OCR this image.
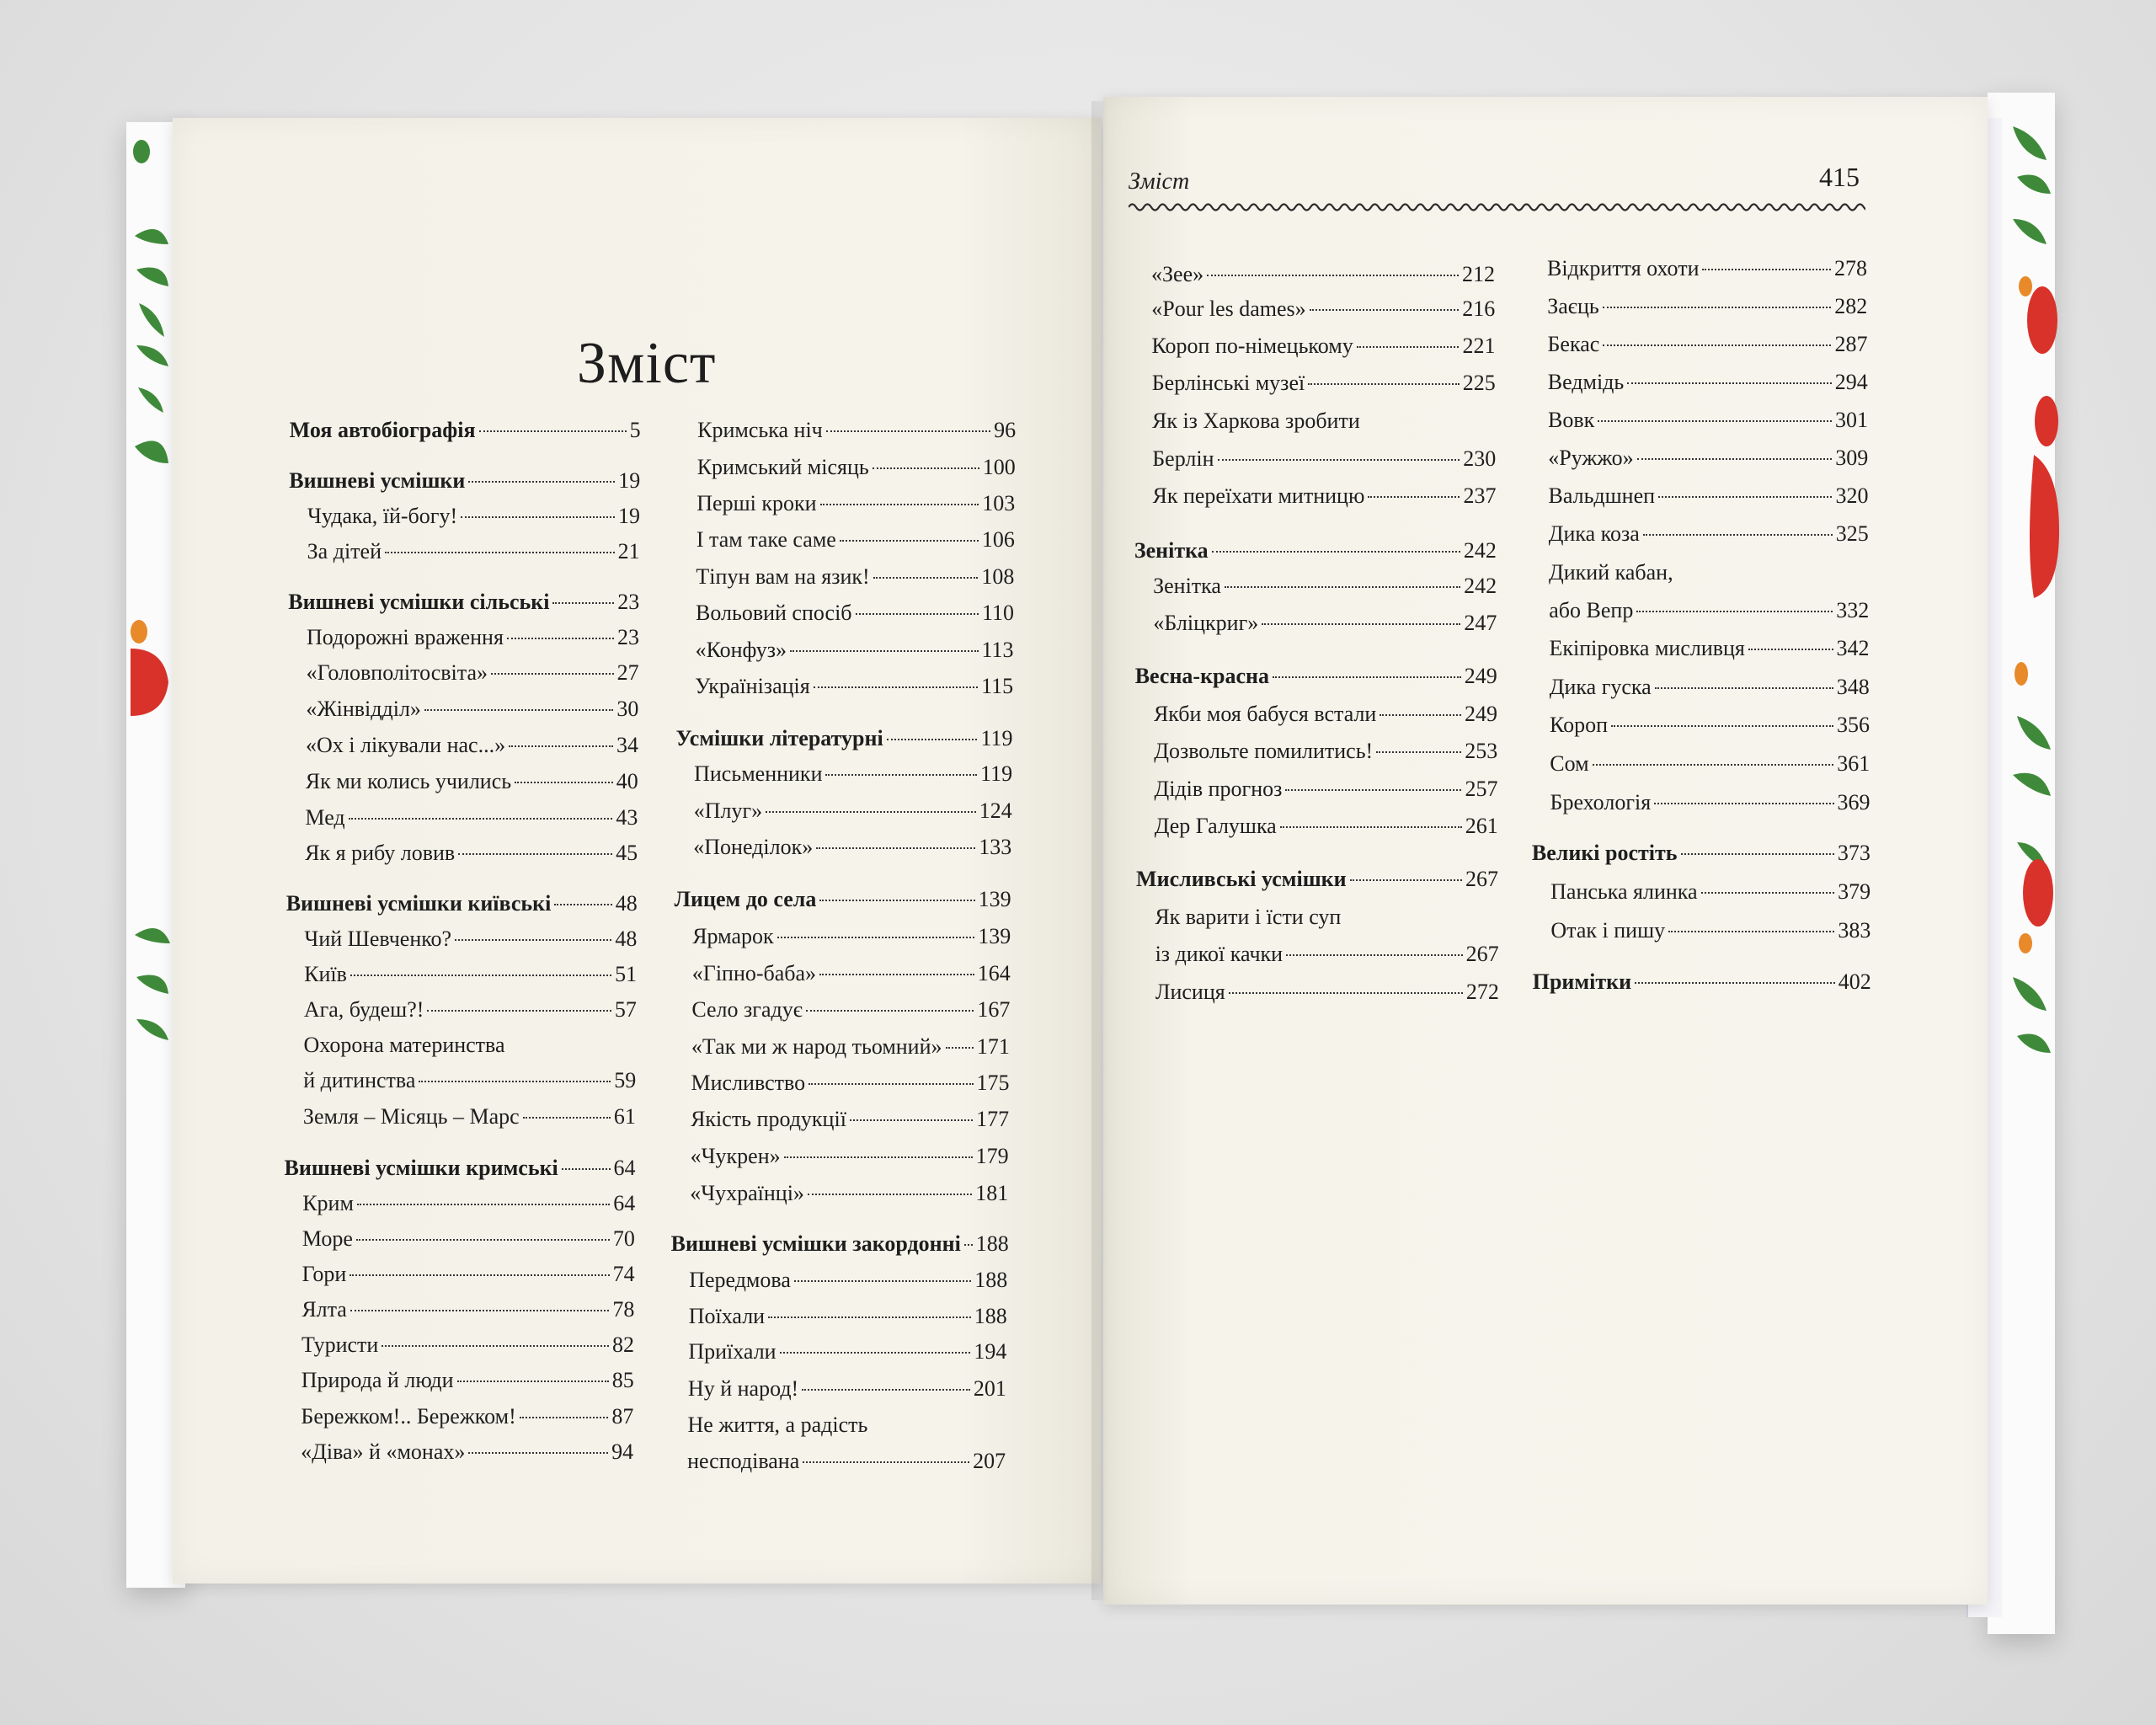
Зміст	415
Зміст
Моя автобіографія	5
Вишневі усмішки	19
Чудака, їй-богу!	19
За дітей	21
Вишневі усмішки сільські	23
Подорожні враження	23
«Головполітосвіта»	27
«Жінвідділ»	30
«Ох і лікували нас...»	34
Як ми колись учились	40
Мед	43
Як я рибу ловив	45
Вишневі усмішки київські	48
Чий Шевченко?	48
Київ	51
Ага, будеш?!	57
Охорона материнства
й дитинства	59
Земля – Місяць – Марс	61
Вишневі усмішки кримські	64
Крим	64
Море	70
Гори	74
Ялта	78
Туристи	82
Природа й люди	85
Бережком!.. Бережком!	87
«Діва» й «монах»	94
Кримська ніч	96
Кримський місяць	100
Перші кроки	103
І там таке саме	106
Тіпун вам на язик!	108
Вольовий спосіб	110
«Конфуз»	113
Українізація	115
Усмішки літературні	119
Письменники	119
«Плуг»	124
«Понеділок»	133
Лицем до села	139
Ярмарок	139
«Гіпно-баба»	164
Село згадує	167
«Так ми ж народ тьомний» 171
Мисливство	175
Якість продукції	177
«Чукрен»	179
«Чухраїнці»	181
Вишневі усмішки закордонні 188
Передмова	188
Поїхали	188
Приїхали	194
Ну й народ!	201
Не життя, а радість
несподівана	207
«Зее»	212
«Pour les dames»	216
Короп по-німецькому	221
Берлінські музеї	225
Як із Харкова зробити
Берлін	230
Як переїхати митницю	237
Зенітка	242
Зенітка	242
«Бліцкриг»	247
Весна-красна	249
Якби моя бабуся встали	249
Дозвольте помилитись!	253
Дідів прогноз	257
Дер Галушка	261
Мисливські усмішки	267
Як варити і їсти суп
із дикої качки	267
Лисиця	272
Відкриття охоти	278
Заєць	282
Бекас	287
Ведмідь	294
Вовк	301
«Ружжо»	309
Вальдшнеп	320
Дика коза	325
Дикий кабан,
або Вепр	332
Екіпіровка мисливця	342
Дика гуска	348
Короп	356
Сом	361
Брехологія	369
Великі ростіть	373
Панська ялинка	379
Отак і пишу	383
Примітки	402
